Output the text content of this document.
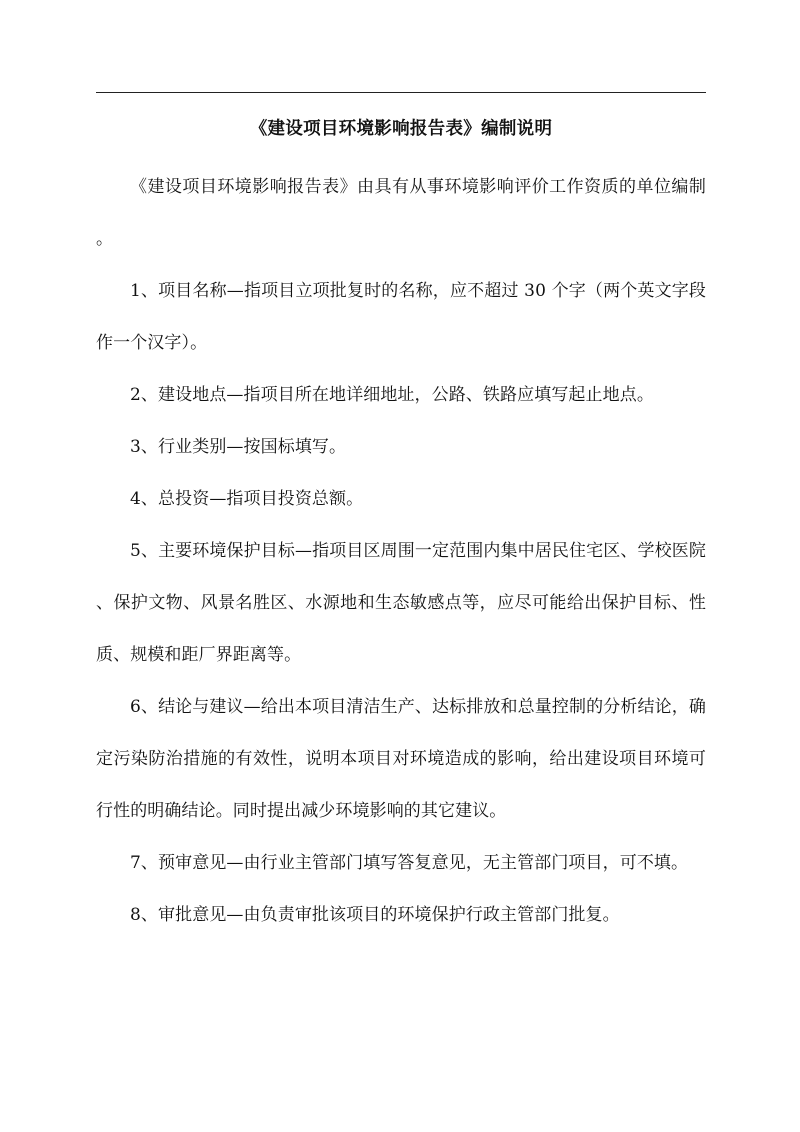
《建设项目环境影响报告表》编制说明

《建设项目环境影响报告表》由具有从事环境影响评价工作资质的单位编制。

1、项目名称—指项目立项批复时的名称，应不超过 30 个字（两个英文字段作一个汉字）。

2、建设地点—指项目所在地详细地址，公路、铁路应填写起止地点。

3、行业类别—按国标填写。

4、总投资—指项目投资总额。

5、主要环境保护目标—指项目区周围一定范围内集中居民住宅区、学校医院、保护文物、风景名胜区、水源地和生态敏感点等，应尽可能给出保护目标、性质、规模和距厂界距离等。

6、结论与建议—给出本项目清洁生产、达标排放和总量控制的分析结论，确定污染防治措施的有效性，说明本项目对环境造成的影响，给出建设项目环境可行性的明确结论。同时提出减少环境影响的其它建议。

7、预审意见—由行业主管部门填写答复意见，无主管部门项目，可不填。

8、审批意见—由负责审批该项目的环境保护行政主管部门批复。
